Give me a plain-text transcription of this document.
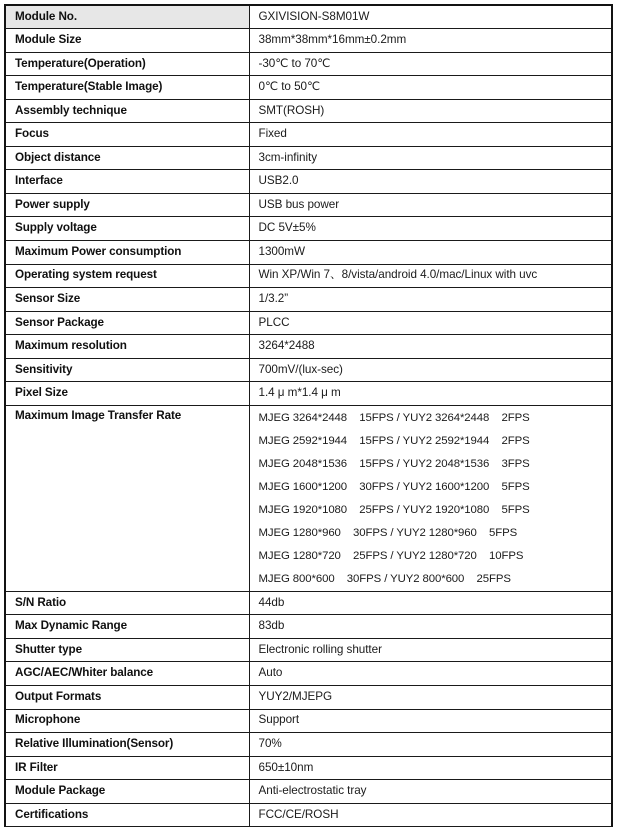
Module No.	GXIVISION-S8M01W
Module Size	38mm*38mm*16mm±0.2mm
Temperature(Operation)	-30℃ to 70℃
Temperature(Stable Image)	0℃ to 50℃
Assembly technique	SMT(ROSH)
Focus	Fixed
Object distance	3cm-infinity
Interface	USB2.0
Power supply	USB bus power
Supply voltage	DC 5V±5%
Maximum Power consumption	1300mW
Operating system request	Win XP/Win 7、8/vista/android 4.0/mac/Linux with uvc
Sensor Size	1/3.2”
Sensor Package	PLCC
Maximum resolution	3264*2488
Sensitivity	700mV/(lux-sec)
Pixel Size	1.4 μ m*1.4 μ m
Maximum Image Transfer Rate	MJEG 3264*2448    15FPS / YUY2 3264*2448    2FPS
MJEG 2592*1944    15FPS / YUY2 2592*1944    2FPS
MJEG 2048*1536    15FPS / YUY2 2048*1536    3FPS
MJEG 1600*1200    30FPS / YUY2 1600*1200    5FPS
MJEG 1920*1080    25FPS / YUY2 1920*1080    5FPS
MJEG 1280*960    30FPS / YUY2 1280*960    5FPS
MJEG 1280*720    25FPS / YUY2 1280*720    10FPS
MJEG 800*600    30FPS / YUY2 800*600    25FPS

S/N Ratio	44db
Max Dynamic Range	83db
Shutter type	Electronic rolling shutter
AGC/AEC/Whiter balance	Auto
Output Formats	YUY2/MJEPG
Microphone	Support
Relative Illumination(Sensor)	70%
IR Filter	650±10nm
Module Package	Anti-electrostatic tray
Certifications	FCC/CE/ROSH
